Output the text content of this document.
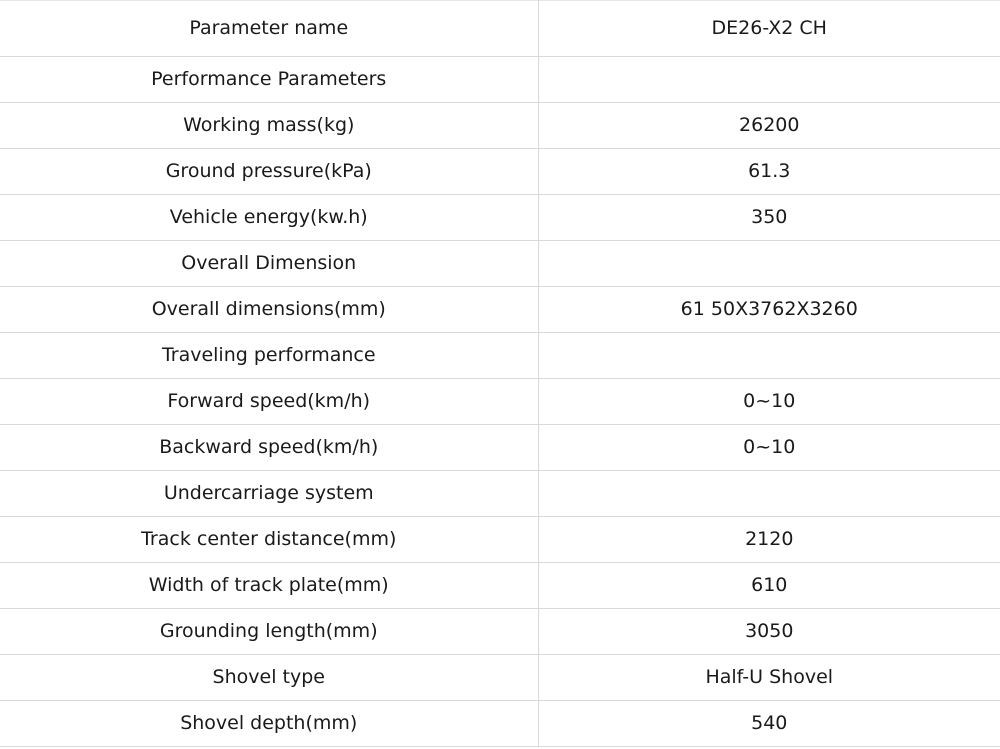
Parameter name	DE26-X2 CH
Performance Parameters	
Working mass(kg)	26200
Ground pressure(kPa)	61.3
Vehicle energy(kw.h)	350
Overall Dimension	
Overall dimensions(mm)	61 50X3762X3260
Traveling performance	
Forward speed(km/h)	0~10
Backward speed(km/h)	0~10
Undercarriage system	
Track center distance(mm)	2120
Width of track plate(mm)	610
Grounding length(mm)	3050
Shovel type	Half-U Shovel
Shovel depth(mm)	540
